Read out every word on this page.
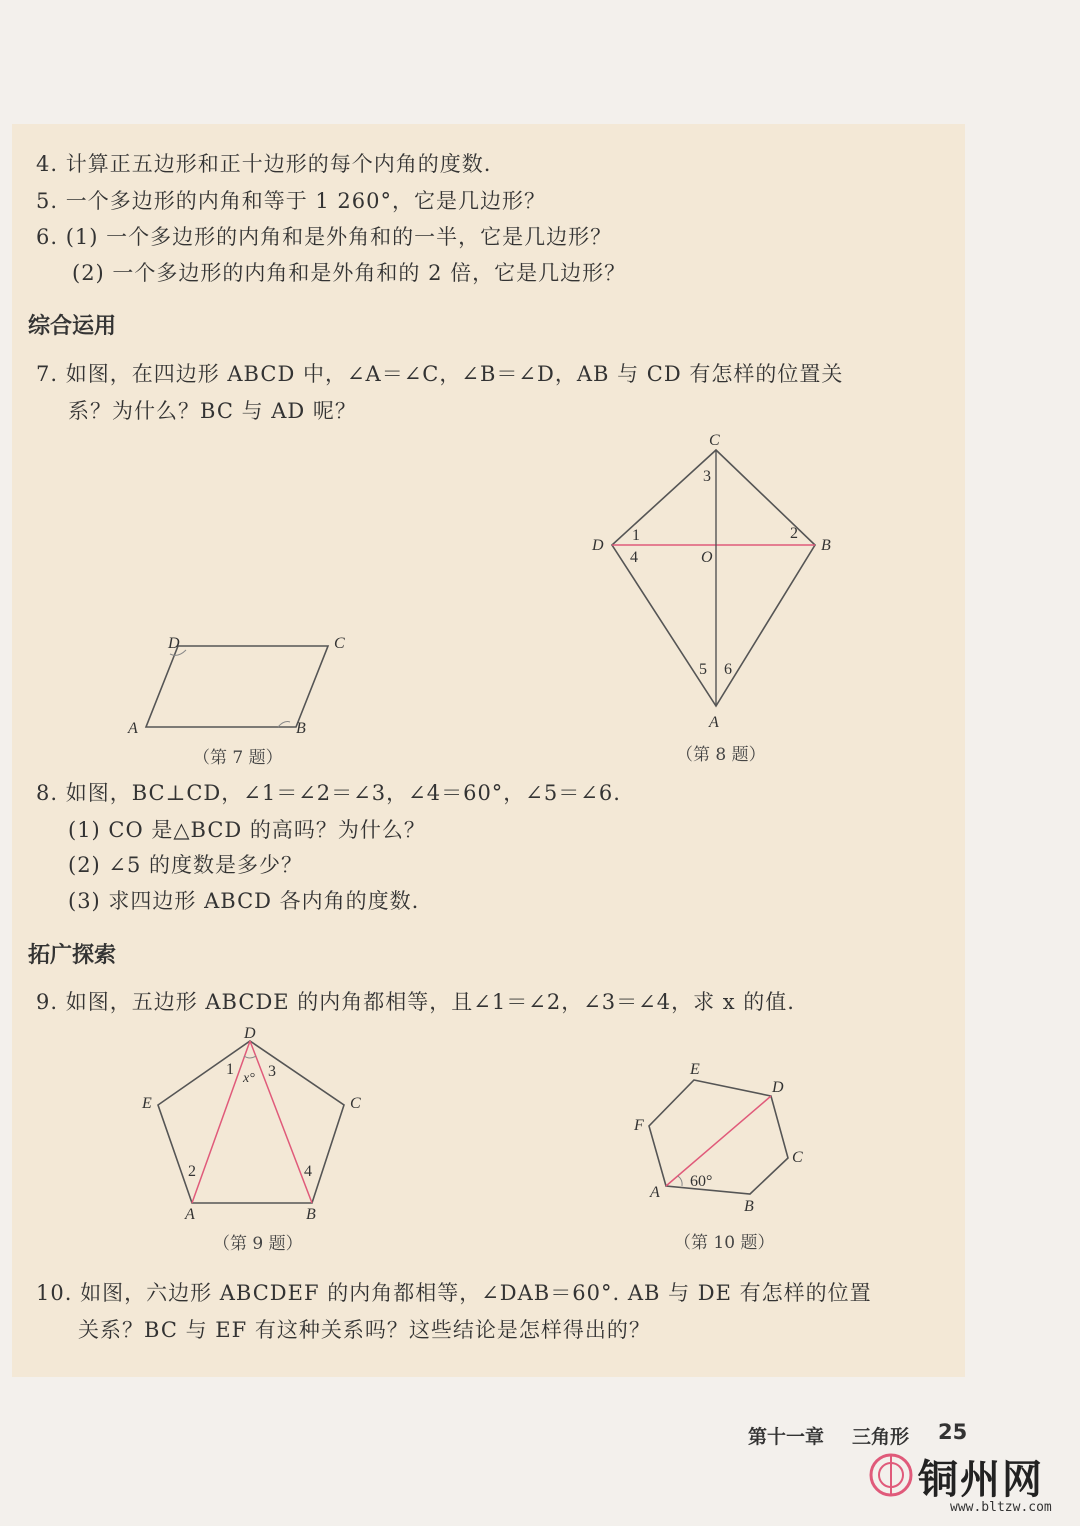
4. 计算正五边形和正十边形的每个内角的度数.
5. 一个多边形的内角和等于 1 260°，它是几边形？
6. (1) 一个多边形的内角和是外角和的一半，它是几边形？
(2) 一个多边形的内角和是外角和的 2 倍，它是几边形？
综合运用
7. 如图，在四边形 ABCD 中，∠A＝∠C，∠B＝∠D，AB 与 CD 有怎样的位置关
系？为什么？BC 与 AD 呢？
A	B
C
D
（第 7 题）
C
B
D
A
O
1	2
3
4
5 6
（第 8 题）
8. 如图，BC⊥CD，∠1＝∠2＝∠3，∠4＝60°，∠5＝∠6.
(1) CO 是△BCD 的高吗？为什么？
(2) ∠5 的度数是多少？
(3) 求四边形 ABCD 各内角的度数.
拓广探索
9. 如图，五边形 ABCDE 的内角都相等，且∠1＝∠2，∠3＝∠4，求 x 的值.
D
C
E
A	B
1 3
x°
2	4
（第 9 题）
E
D
C
B
A
F
60°
（第 10 题）
10. 如图，六边形 ABCDEF 的内角都相等，∠DAB＝60°. AB 与 DE 有怎样的位置
关系？BC 与 EF 有这种关系吗？这些结论是怎样得出的？
第十一章 三角形 25
铜州网
www.bltzw.com
